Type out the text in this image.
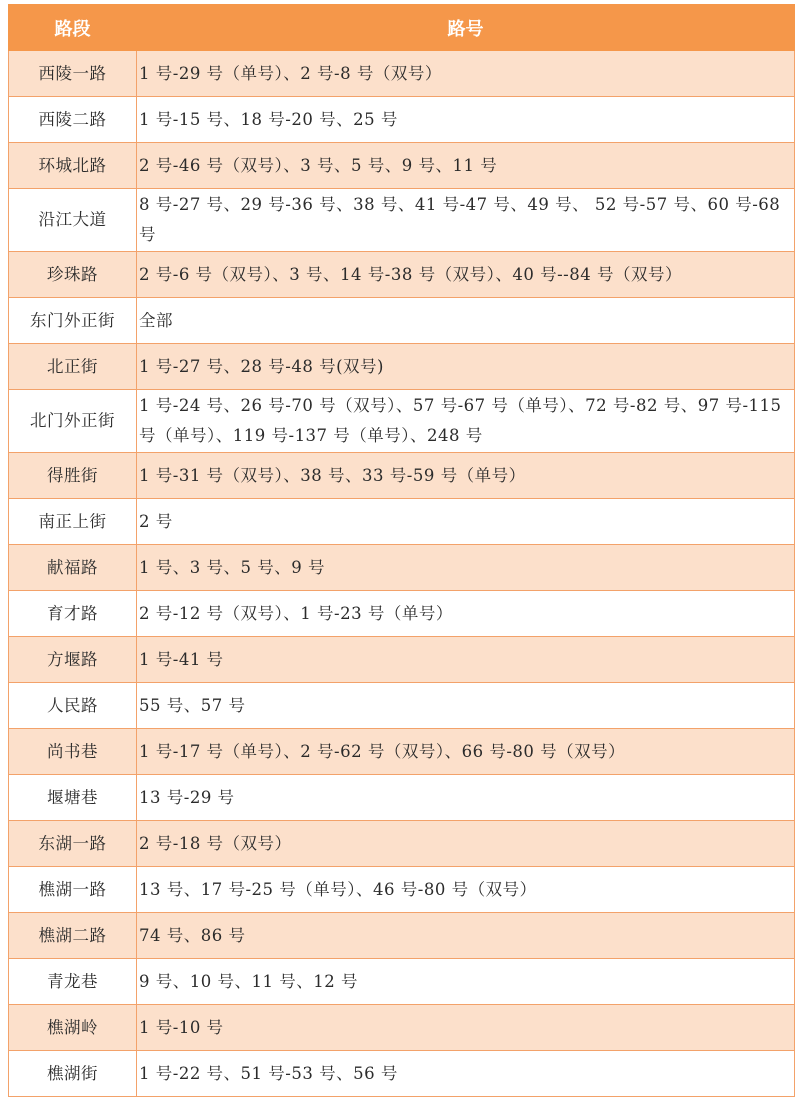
路段	路号
西陵一路	1 号-29 号（单号）、2 号-8 号（双号）
西陵二路	1 号-15 号、18 号-20 号、25 号
环城北路	2 号-46 号（双号）、3 号、5 号、9 号、11 号
沿江大道	8 号-27 号、29 号-36 号、38 号、41 号-47 号、49 号、 52 号-57 号、60 号-68 号
珍珠路	2 号-6 号（双号）、3 号、14 号-38 号（双号）、40 号--84 号（双号）
东门外正街	全部
北正街	1 号-27 号、28 号-48 号(双号)
北门外正街	1 号-24 号、26 号-70 号（双号）、57 号-67 号（单号）、72 号-82 号、97 号-115 号（单号）、119 号-137 号（单号）、248 号
得胜街	1 号-31 号（双号）、38 号、33 号-59 号（单号）
南正上街	2 号
献福路	1 号、3 号、5 号、9 号
育才路	2 号-12 号（双号）、1 号-23 号（单号）
方堰路	1 号-41 号
人民路	55 号、57 号
尚书巷	1 号-17 号（单号）、2 号-62 号（双号）、66 号-80 号（双号）
堰塘巷	13 号-29 号
东湖一路	2 号-18 号（双号）
樵湖一路	13 号、17 号-25 号（单号）、46 号-80 号（双号）
樵湖二路	74 号、86 号
青龙巷	9 号、10 号、11 号、12 号
樵湖岭	1 号-10 号
樵湖街	1 号-22 号、51 号-53 号、56 号
